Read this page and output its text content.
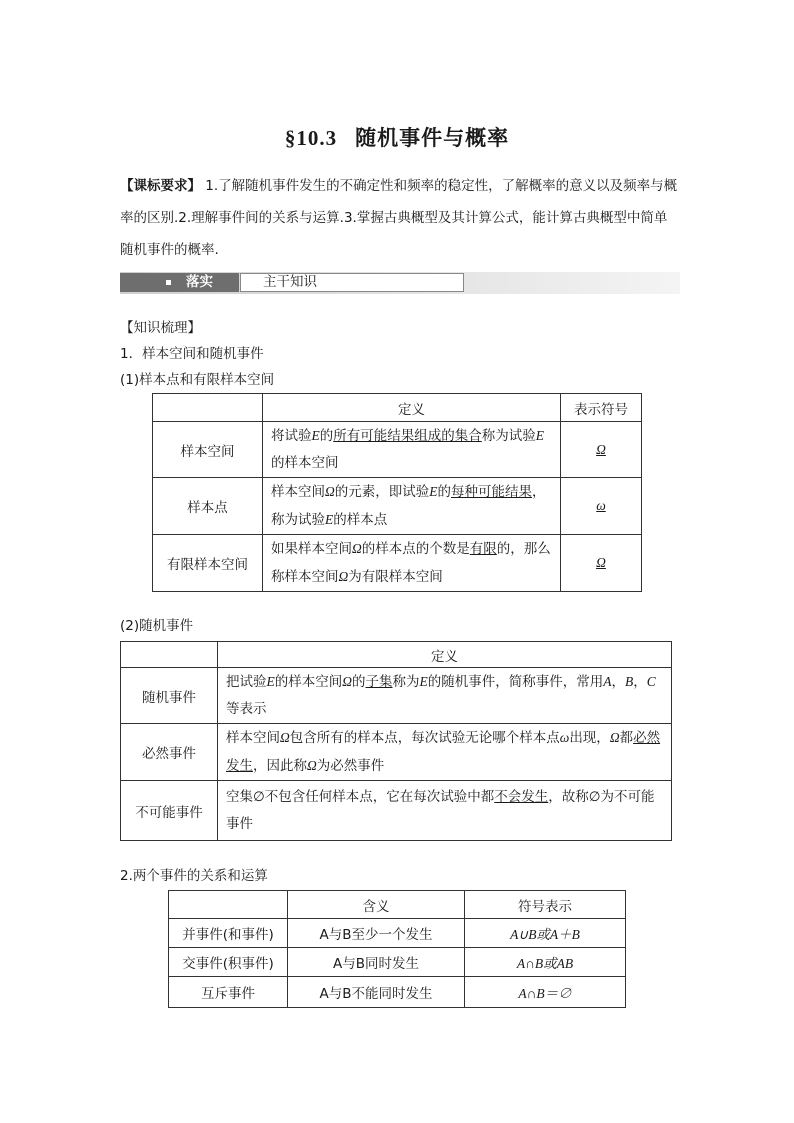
§10.3 随机事件与概率
【课标要求】 1.了解随机事件发生的不确定性和频率的稳定性，了解概率的意义以及频率与概率的区别.2.理解事件间的关系与运算.3.掌握古典概型及其计算公式，能计算古典概型中简单随机事件的概率.
落实	主干知识
【知识梳理】
1．样本空间和随机事件
(1)样本点和有限样本空间
	定义	表示符号
样本空间	将试验E的所有可能结果组成的集合称为试验E的样本空间	Ω
样本点	样本空间Ω的元素，即试验E的每种可能结果，称为试验E的样本点	ω
有限样本空间	如果样本空间Ω的样本点的个数是有限的，那么称样本空间Ω为有限样本空间	Ω
(2)随机事件
	定义
随机事件	把试验E的样本空间Ω的子集称为E的随机事件，简称事件，常用A，B，C等表示
必然事件	样本空间Ω包含所有的样本点，每次试验无论哪个样本点ω出现，Ω都必然发生，因此称Ω为必然事件
不可能事件	空集∅不包含任何样本点，它在每次试验中都不会发生，故称∅为不可能事件
2.两个事件的关系和运算
	含义	符号表示
并事件(和事件)	A与B至少一个发生	A∪B或A＋B
交事件(积事件)	A与B同时发生	A∩B或AB
互斥事件	A与B不能同时发生	A∩B＝∅
